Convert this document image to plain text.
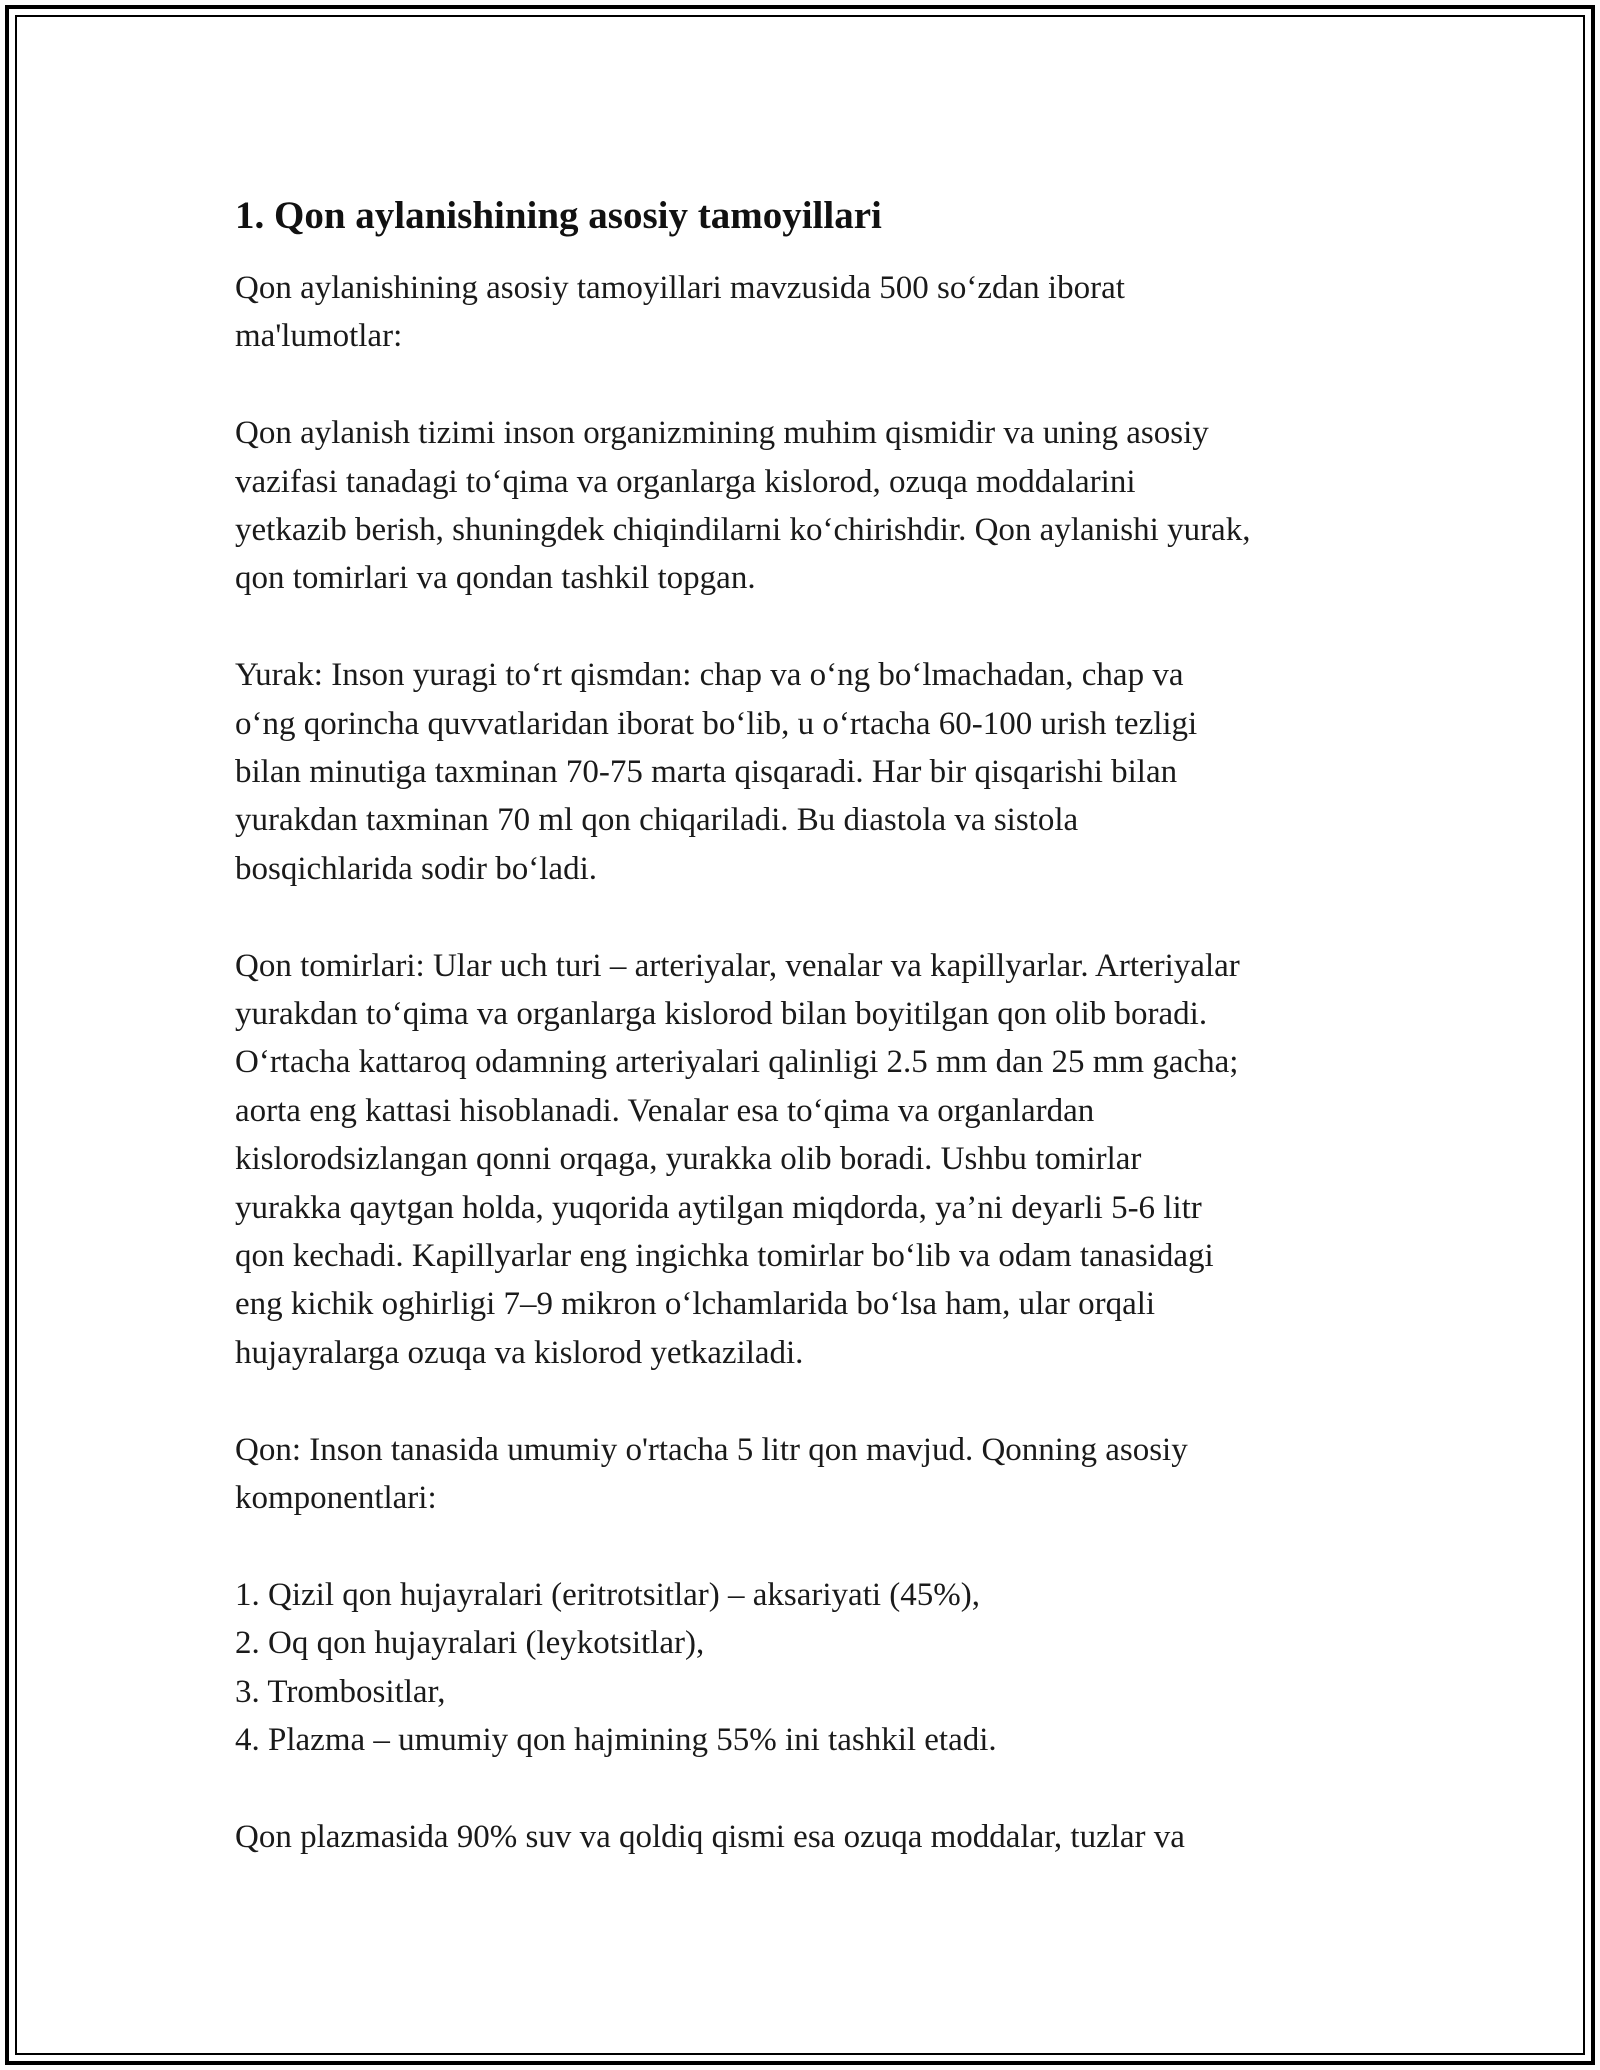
1. Qon aylanishining asosiy tamoyillari

Qon aylanishining asosiy tamoyillari mavzusida 500 so‘zdan iborat

ma'lumotlar:

Qon aylanish tizimi inson organizmining muhim qismidir va uning asosiy

vazifasi tanadagi to‘qima va organlarga kislorod, ozuqa moddalarini

yetkazib berish, shuningdek chiqindilarni ko‘chirishdir. Qon aylanishi yurak,

qon tomirlari va qondan tashkil topgan.

Yurak: Inson yuragi to‘rt qismdan: chap va o‘ng bo‘lmachadan, chap va

o‘ng qorincha quvvatlaridan iborat bo‘lib, u o‘rtacha 60-100 urish tezligi

bilan minutiga taxminan 70-75 marta qisqaradi. Har bir qisqarishi bilan

yurakdan taxminan 70 ml qon chiqariladi. Bu diastola va sistola

bosqichlarida sodir bo‘ladi.

Qon tomirlari: Ular uch turi – arteriyalar, venalar va kapillyarlar. Arteriyalar

yurakdan to‘qima va organlarga kislorod bilan boyitilgan qon olib boradi.

O‘rtacha kattaroq odamning arteriyalari qalinligi 2.5 mm dan 25 mm gacha;

aorta eng kattasi hisoblanadi. Venalar esa to‘qima va organlardan

kislorodsizlangan qonni orqaga, yurakka olib boradi. Ushbu tomirlar

yurakka qaytgan holda, yuqorida aytilgan miqdorda, ya’ni deyarli 5-6 litr

qon kechadi. Kapillyarlar eng ingichka tomirlar bo‘lib va odam tanasidagi

eng kichik oghirligi 7–9 mikron o‘lchamlarida bo‘lsa ham, ular orqali

hujayralarga ozuqa va kislorod yetkaziladi.

Qon: Inson tanasida umumiy o'rtacha 5 litr qon mavjud. Qonning asosiy

komponentlari:

1. Qizil qon hujayralari (eritrotsitlar) – aksariyati (45%),

2. Oq qon hujayralari (leykotsitlar),

3. Trombositlar,

4. Plazma – umumiy qon hajmining 55% ini tashkil etadi.

Qon plazmasida 90% suv va qoldiq qismi esa ozuqa moddalar, tuzlar va
